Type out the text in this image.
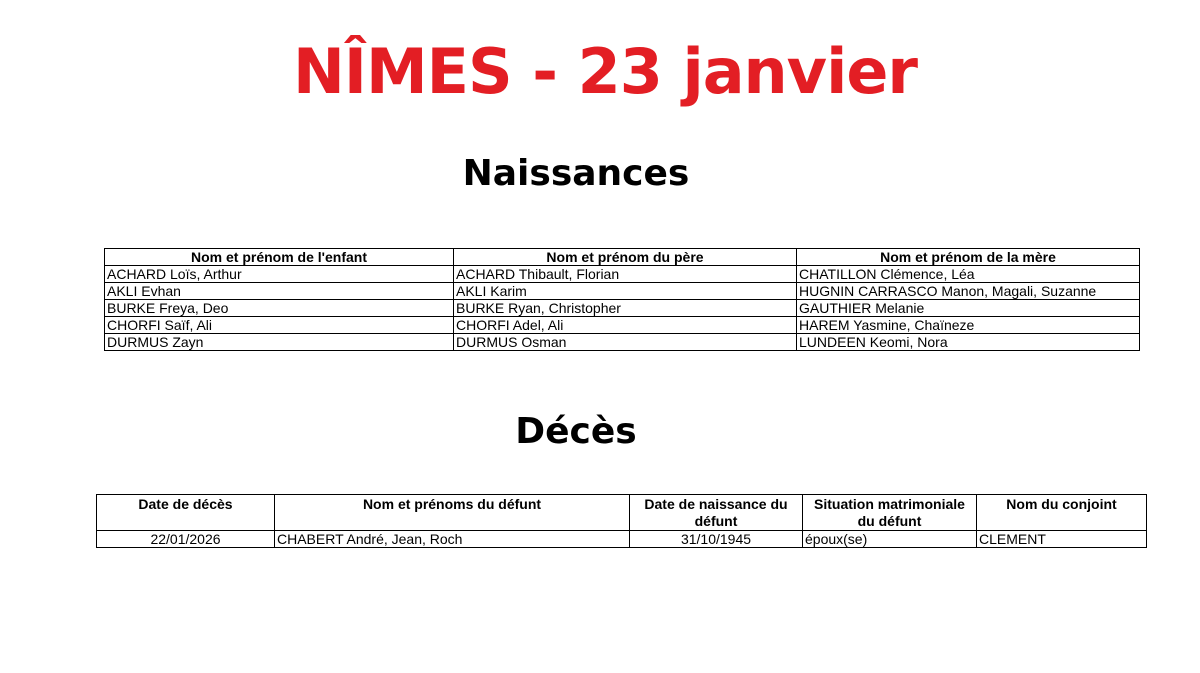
NÎMES - 23 janvier
Naissances
Nom et prénom de l'enfant	Nom et prénom du père	Nom et prénom de la mère
ACHARD Loïs, Arthur	ACHARD Thibault, Florian	CHATILLON Clémence, Léa
AKLI Evhan	AKLI Karim	HUGNIN CARRASCO Manon, Magali, Suzanne
BURKE Freya, Deo	BURKE Ryan, Christopher	GAUTHIER Melanie
CHORFI Saïf, Ali	CHORFI Adel, Ali	HAREM Yasmine, Chaïneze
DURMUS Zayn	DURMUS Osman	LUNDEEN Keomi, Nora
Décès

Date de décès	Nom et prénoms du défunt	Date de naissance du défunt	Situation matrimoniale du défunt	Nom du conjoint
22/01/2026	CHABERT André, Jean, Roch	31/10/1945	époux(se)	CLEMENT
